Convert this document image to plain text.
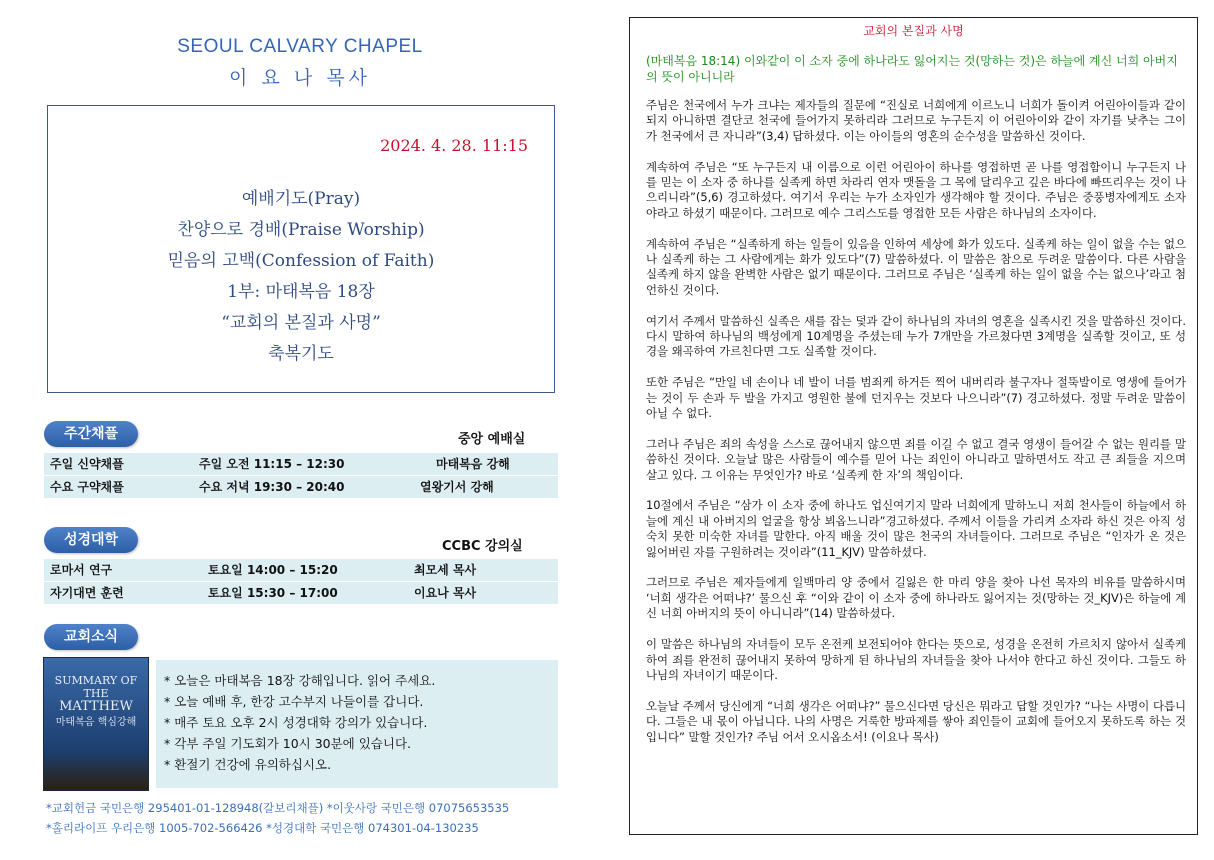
SEOUL CALVARY CHAPEL
이 요 나 목사
2024. 4. 28. 11:15
예배기도(Pray)
찬양으로 경배(Praise Worship)
믿음의 고백(Confession of Faith)
1부: 마태복음 18장
“교회의 본질과 사명”
축복기도
주간채플	중앙 예배실
주일 신약채플	주일 오전 11:15 – 12:30	마태복음 강해
수요 구약채플	수요 저녁 19:30 – 20:40	열왕기서 강해
성경대학	CCBC 강의실
로마서 연구	토요일 14:00 – 15:20	최모세 목사
자기대면 훈련	토요일 15:30 – 17:00	이요나 목사
교회소식
SUMMARY OF
THE
MATTHEW
마태복음 핵심강해
* 오늘은 마태복음 18장 강해입니다. 읽어 주세요.
* 오늘 예배 후, 한강 고수부지 나들이를 갑니다.
* 매주 토요 오후 2시 성경대학 강의가 있습니다.
* 각부 주일 기도회가 10시 30분에 있습니다.
* 환절기 건강에 유의하십시오.
*교회헌금 국민은행 295401-01-128948(갈보리채플) *이웃사랑 국민은행 07075653535
*홀리라이프 우리은행 1005-702-566426 *성경대학 국민은행 074301-04-130235
교회의 본질과 사명
(마태복음 18:14) 이와같이 이 소자 중에 하나라도 잃어지는 것(망하는 것)은 하늘에 계신 너희 아버지의 뜻이 아니니라

주님은 천국에서 누가 크냐는 제자들의 질문에 “진실로 너희에게 이르노니 너희가 돌이켜 어린아이들과 같이 되지 아니하면 결단코 천국에 들어가지 못하리라 그러므로 누구든지 이 어린아이와 같이 자기를 낮추는 그이가 천국에서 큰 자니라”(3,4) 답하셨다. 이는 아이들의 영혼의 순수성을 말씀하신 것이다.

계속하여 주님은 “또 누구든지 내 이름으로 이런 어린아이 하나를 영접하면 곧 나를 영접함이니 누구든지 나를 믿는 이 소자 중 하나를 실족케 하면 차라리 연자 맷돌을 그 목에 달리우고 깊은 바다에 빠뜨리우는 것이 나으리니라”(5,6) 경고하셨다. 여기서 우리는 누가 소자인가 생각해야 할 것이다. 주님은 중풍병자에게도 소자야라고 하셨기 때문이다. 그러므로 예수 그리스도를 영접한 모든 사람은 하나님의 소자이다.

계속하여 주님은 “실족하게 하는 일들이 있음을 인하여 세상에 화가 있도다. 실족케 하는 일이 없을 수는 없으나 실족케 하는 그 사람에게는 화가 있도다”(7) 말씀하셨다. 이 말씀은 참으로 두려운 말씀이다. 다른 사람을 실족케 하지 않을 완벽한 사람은 없기 때문이다. 그러므로 주님은 ‘실족케 하는 일이 없을 수는 없으나’라고 첨언하신 것이다.

여기서 주께서 말씀하신 실족은 새를 잡는 덫과 같이 하나님의 자녀의 영혼을 실족시킨 것을 말씀하신 것이다. 다시 말하여 하나님의 백성에게 10계명을 주셨는데 누가 7개만을 가르쳤다면 3계명을 실족할 것이고, 또 성경을 왜곡하여 가르친다면 그도 실족할 것이다.

또한 주님은 “만일 네 손이나 네 발이 너를 범죄케 하거든 찍어 내버리라 불구자나 절뚝발이로 영생에 들어가는 것이 두 손과 두 발을 가지고 영원한 불에 던지우는 것보다 나으니라”(7) 경고하셨다. 정말 두려운 말씀이 아닐 수 없다.

그러나 주님은 죄의 속성을 스스로 끊어내지 않으면 죄를 이길 수 없고 결국 영생이 들어갈 수 없는 원리를 말씀하신 것이다. 오늘날 많은 사람들이 예수를 믿어 나는 죄인이 아니라고 말하면서도 작고 큰 죄들을 지으며 살고 있다. 그 이유는 무엇인가? 바로 ‘실족케 한 자’의 책임이다.

10절에서 주님은 “삼가 이 소자 중에 하나도 업신여기지 말라 너희에게 말하노니 저희 천사들이 하늘에서 하늘에 계신 내 아버지의 얼굴을 항상 뵈옵느니라”경고하셨다. 주께서 이들을 가리켜 소자라 하신 것은 아직 성숙치 못한 미숙한 자녀를 말한다. 아직 배울 것이 많은 천국의 자녀들이다. 그러므로 주님은 “인자가 온 것은 잃어버린 자를 구원하려는 것이라”(11_KJV) 말씀하셨다.

그러므로 주님은 제자들에게 일백마리 양 중에서 길잃은 한 마리 양을 찾아 나선 목자의 비유를 말씀하시며 ‘너희 생각은 어떠냐?’ 물으신 후 “이와 같이 이 소자 중에 하나라도 잃어지는 것(망하는 것_KJV)은 하늘에 계신 너희 아버지의 뜻이 아니니라”(14) 말씀하셨다.

이 말씀은 하나님의 자녀들이 모두 온전케 보전되어야 한다는 뜻으로, 성경을 온전히 가르치지 않아서 실족케 하여 죄를 완전히 끊어내지 못하여 망하게 된 하나님의 자녀들을 찾아 나서야 한다고 하신 것이다. 그들도 하나님의 자녀이기 때문이다.

오늘날 주께서 당신에게 “너희 생각은 어떠냐?” 물으신다면 당신은 뭐라고 답할 것인가? “나는 사명이 다릅니다. 그들은 내 몫이 아닙니다. 나의 사명은 거룩한 방파제를 쌓아 죄인들이 교회에 들어오지 못하도록 하는 것입니다” 말할 것인가? 주님 어서 오시옵소서! (이요나 목사)
